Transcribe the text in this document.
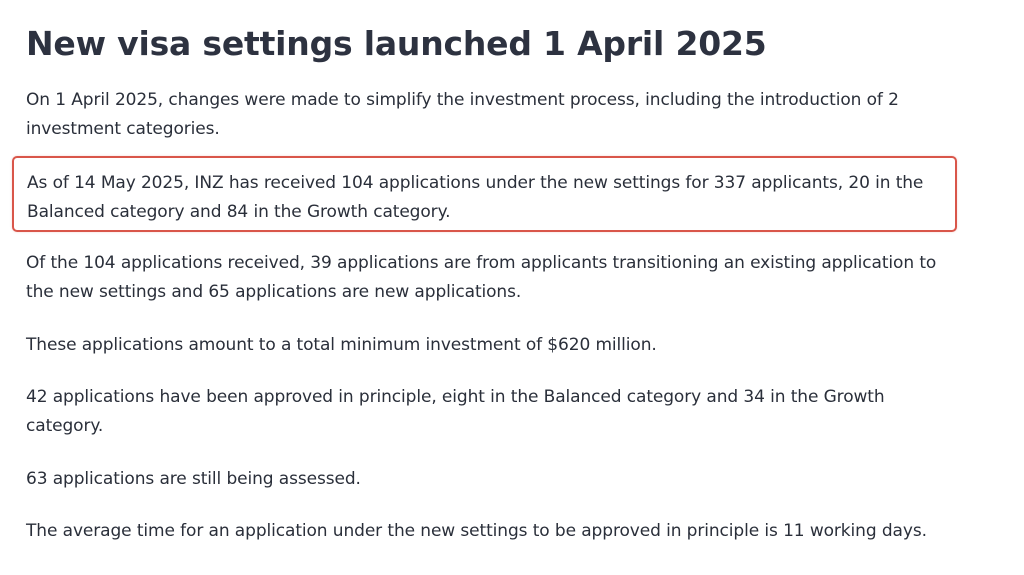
New visa settings launched 1 April 2025

On 1 April 2025, changes were made to simplify the investment process, including the introduction of 2 investment categories.

As of 14 May 2025, INZ has received 104 applications under the new settings for 337 applicants, 20 in the Balanced category and 84 in the Growth category.

Of the 104 applications received, 39 applications are from applicants transitioning an existing application to the new settings and 65 applications are new applications.

These applications amount to a total minimum investment of $620 million.

42 applications have been approved in principle, eight in the Balanced category and 34 in the Growth category.

63 applications are still being assessed.

The average time for an application under the new settings to be approved in principle is 11 working days.
